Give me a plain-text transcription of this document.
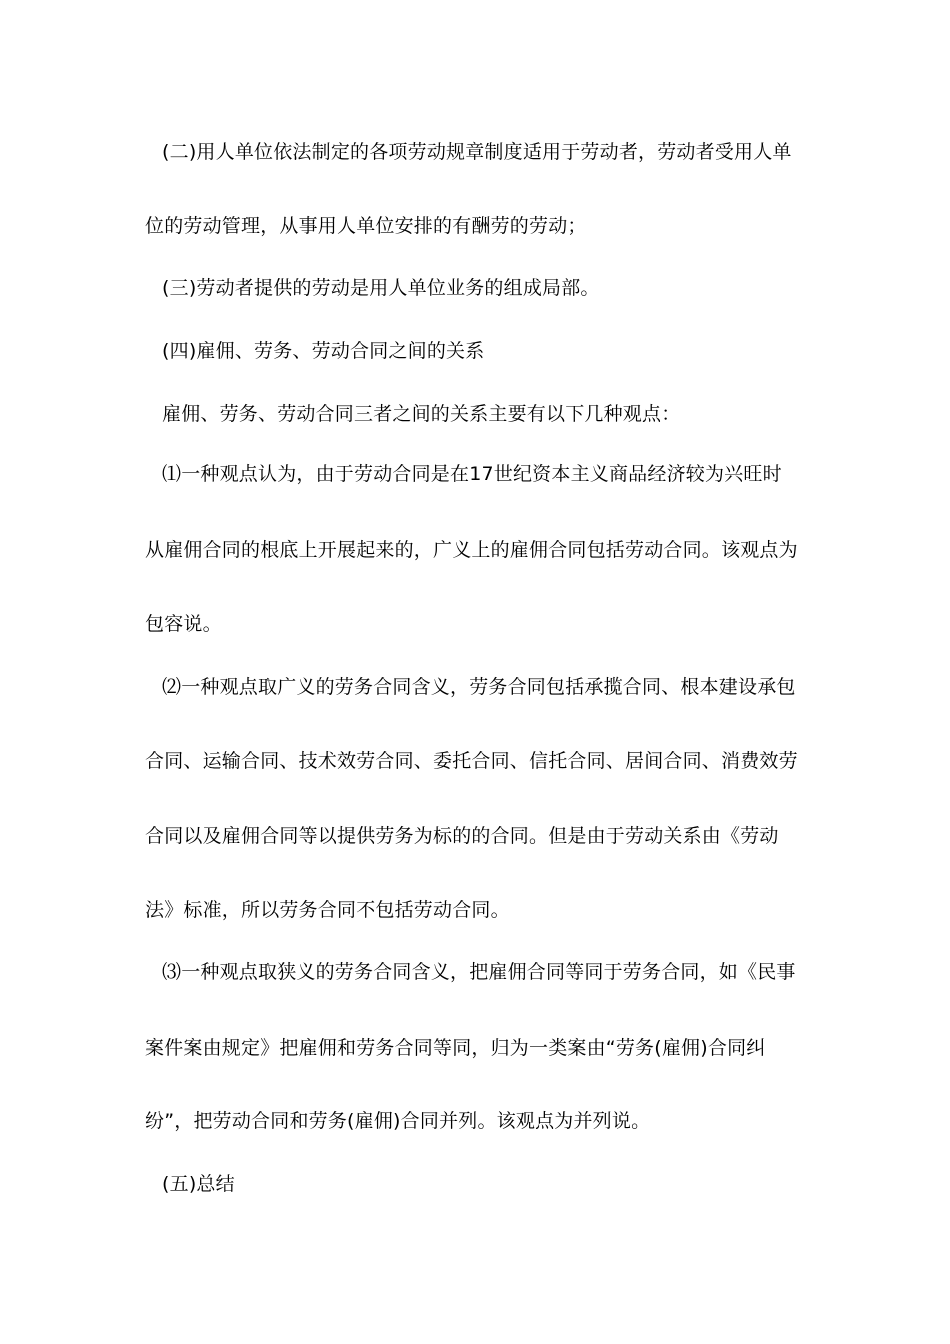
(二)用人单位依法制定的各项劳动规章制度适用于劳动者，劳动者受用人单
位的劳动管理，从事用人单位安排的有酬劳的劳动；
(三)劳动者提供的劳动是用人单位业务的组成局部。
(四)雇佣、劳务、劳动合同之间的关系
雇佣、劳务、劳动合同三者之间的关系主要有以下几种观点：
⑴一种观点认为，由于劳动合同是在17世纪资本主义商品经济较为兴旺时
从雇佣合同的根底上开展起来的，广义上的雇佣合同包括劳动合同。该观点为
包容说。
⑵一种观点取广义的劳务合同含义，劳务合同包括承揽合同、根本建设承包
合同、运输合同、技术效劳合同、委托合同、信托合同、居间合同、消费效劳
合同以及雇佣合同等以提供劳务为标的的合同。但是由于劳动关系由《劳动
法》标准，所以劳务合同不包括劳动合同。
⑶一种观点取狭义的劳务合同含义，把雇佣合同等同于劳务合同，如《民事
案件案由规定》把雇佣和劳务合同等同，归为一类案由“劳务(雇佣)合同纠
纷”，把劳动合同和劳务(雇佣)合同并列。该观点为并列说。
(五)总结
